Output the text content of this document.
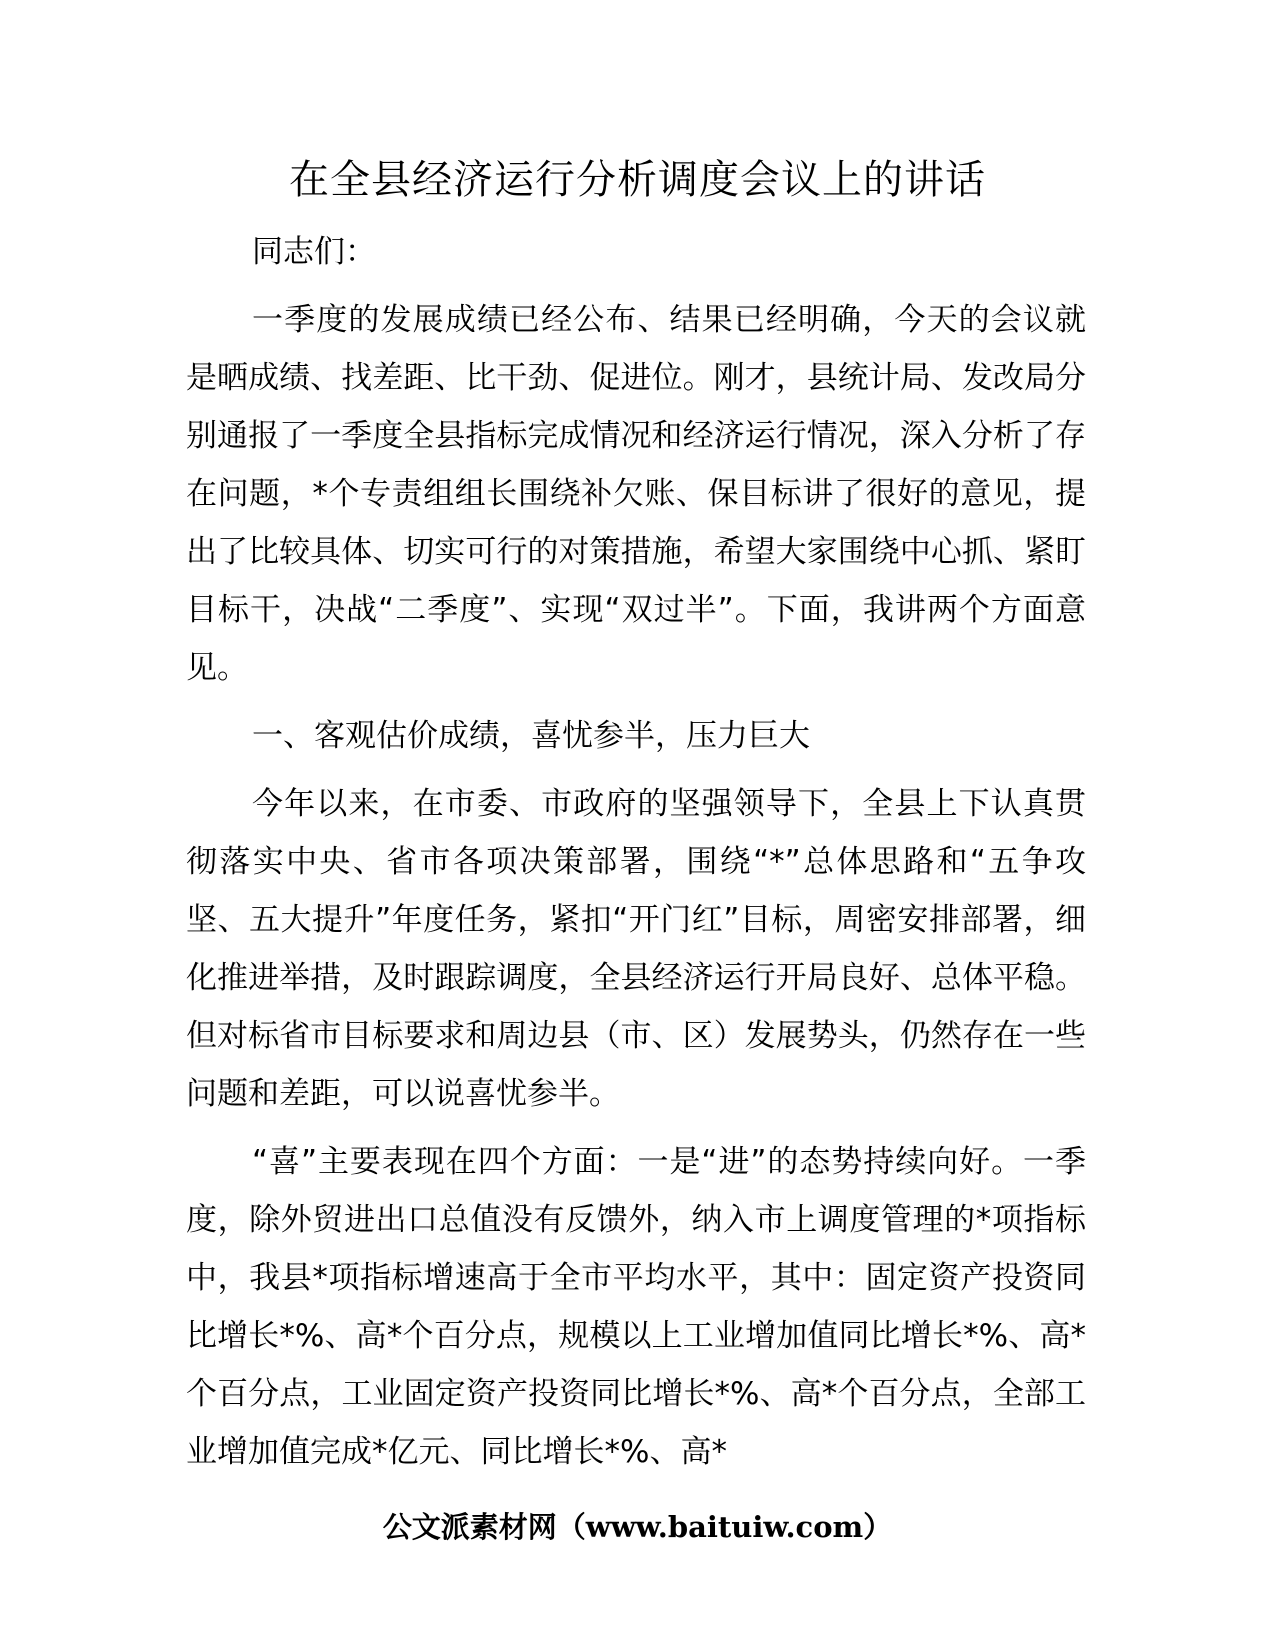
在全县经济运行分析调度会议上的讲话

同志们：

一季度的发展成绩已经公布、结果已经明确，今天的会议就是晒成绩、找差距、比干劲、促进位。刚才，县统计局、发改局分别通报了一季度全县指标完成情况和经济运行情况，深入分析了存在问题，*个专责组组长围绕补欠账、保目标讲了很好的意见，提出了比较具体、切实可行的对策措施，希望大家围绕中心抓、紧盯目标干，决战“二季度”、实现“双过半”。下面，我讲两个方面意见。

一、客观估价成绩，喜忧参半，压力巨大

今年以来，在市委、市政府的坚强领导下，全县上下认真贯彻落实中央、省市各项决策部署，围绕“*”总体思路和“五争攻坚、五大提升”年度任务，紧扣“开门红”目标，周密安排部署，细化推进举措，及时跟踪调度，全县经济运行开局良好、总体平稳。但对标省市目标要求和周边县（市、区）发展势头，仍然存在一些问题和差距，可以说喜忧参半。

“喜”主要表现在四个方面：一是“进”的态势持续向好。一季度，除外贸进出口总值没有反馈外，纳入市上调度管理的*项指标中，我县*项指标增速高于全市平均水平，其中：固定资产投资同比增长*%、高*个百分点，规模以上工业增加值同比增长*%、高*个百分点，工业固定资产投资同比增长*%、高*个百分点，全部工业增加值完成*亿元、同比增长*%、高*

公文派素材网（www.baituiw.com）
